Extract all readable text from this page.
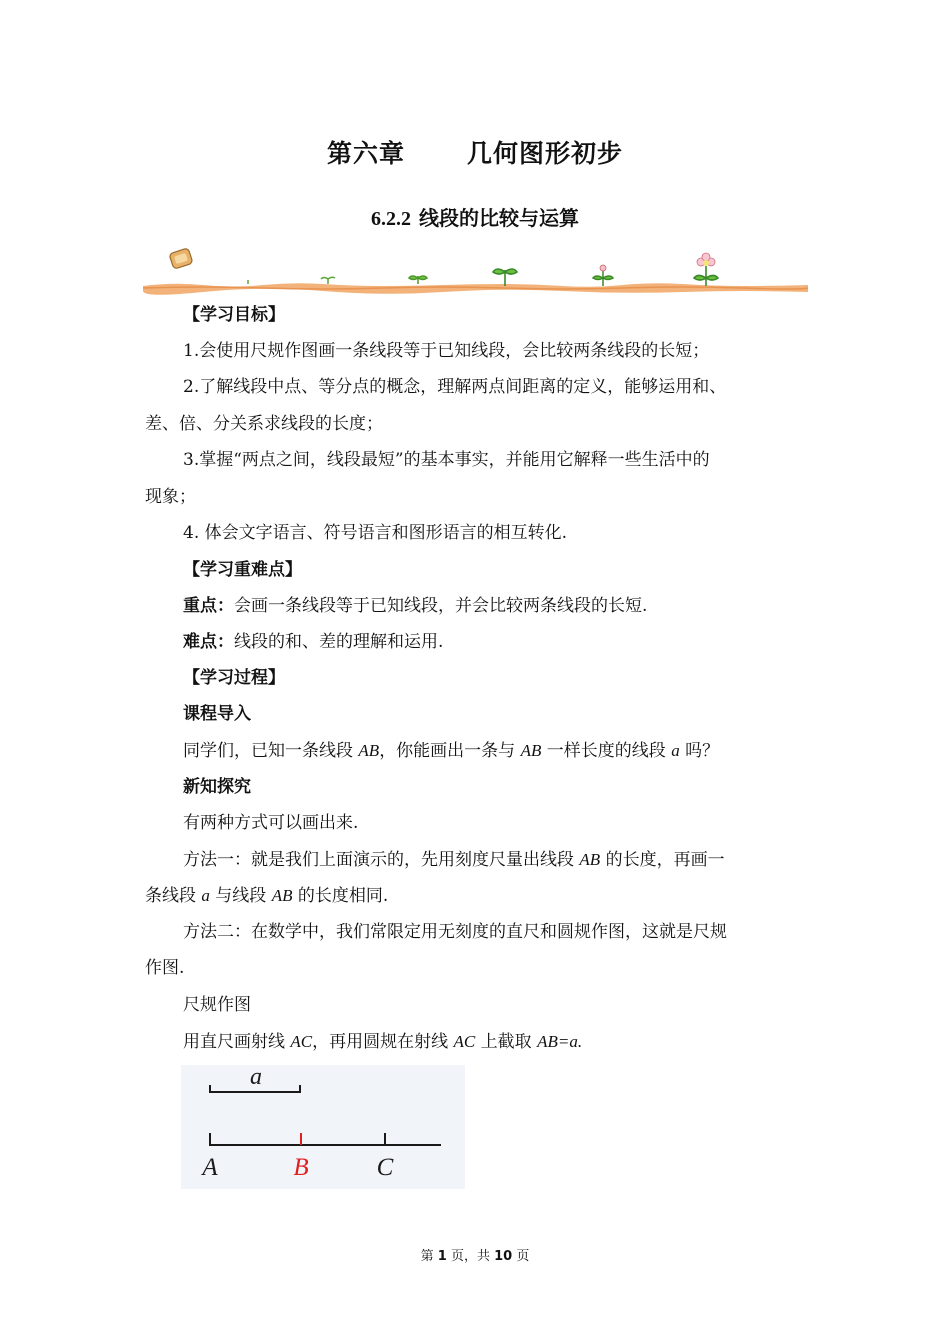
第六章 几何图形初步
6.2.2 线段的比较与运算
【学习目标】
1.会使用尺规作图画一条线段等于已知线段，会比较两条线段的长短；
2.了解线段中点、等分点的概念，理解两点间距离的定义，能够运用和、
差、倍、分关系求线段的长度；
3.掌握“两点之间，线段最短”的基本事实，并能用它解释一些生活中的
现象；
4. 体会文字语言、符号语言和图形语言的相互转化.
【学习重难点】
重点：会画一条线段等于已知线段，并会比较两条线段的长短.
难点：线段的和、差的理解和运用.
【学习过程】
课程导入
同学们，已知一条线段 AB，你能画出一条与 AB 一样长度的线段 a 吗？
新知探究
有两种方式可以画出来.
方法一：就是我们上面演示的，先用刻度尺量出线段 AB 的长度，再画一
条线段 a 与线段 AB 的长度相同.
方法二：在数学中，我们常限定用无刻度的直尺和圆规作图，这就是尺规
作图.
尺规作图
用直尺画射线 AC，再用圆规在射线 AC 上截取 AB=a.
a
A	B	C
第 1 页，共 10 页
